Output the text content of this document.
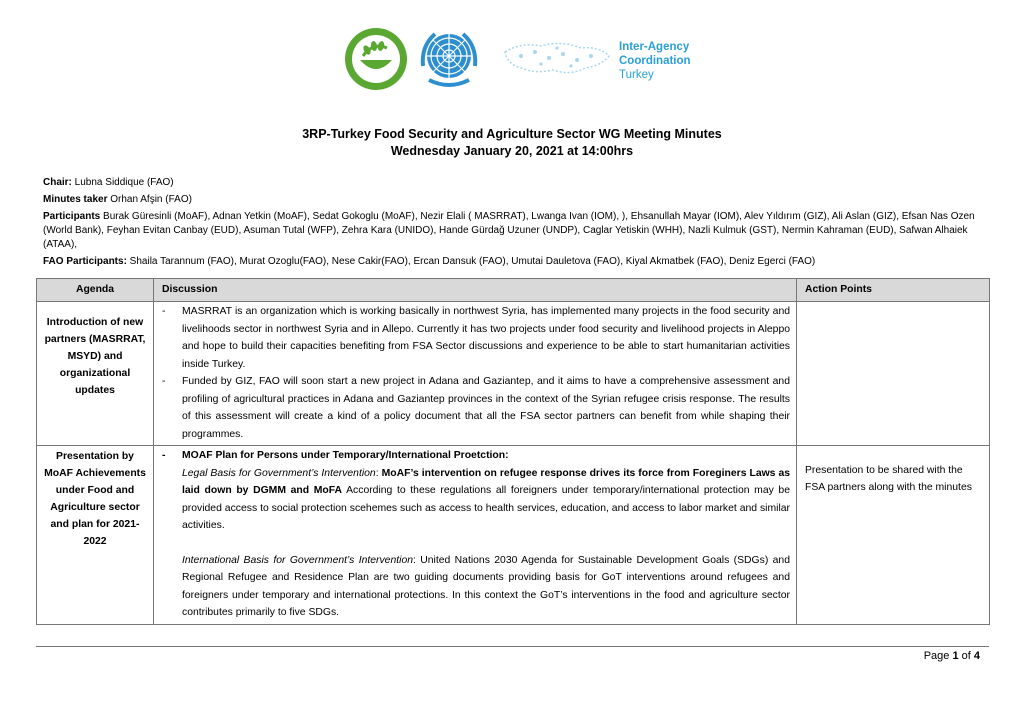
Inter-Agency
Coordination
Turkey
3RP-Turkey Food Security and Agriculture Sector WG Meeting Minutes
Wednesday January 20, 2021 at 14:00hrs

Chair: Lubna Siddique (FAO)

Minutes taker Orhan Afşin (FAO)

Participants Burak Güresinli (MoAF), Adnan Yetkin (MoAF), Sedat Gokoglu (MoAF), Nezir Elali ( MASRRAT), Lwanga Ivan (IOM), ), Ehsanullah Mayar (IOM), Alev Yıldırım (GIZ), Ali Aslan (GIZ), Efsan Nas Ozen (World Bank), Feyhan Evitan Canbay (EUD), Asuman Tutal (WFP), Zehra Kara (UNIDO), Hande Gürdağ Uzuner (UNDP), Caglar Yetiskin (WHH), Nazli Kulmuk (GST), Nermin Kahraman (EUD), Safwan Alhaiek (ATAA),

FAO Participants: Shaila Tarannum (FAO), Murat Ozoglu(FAO), Nese Cakir(FAO), Ercan Dansuk (FAO), Umutai Dauletova (FAO), Kiyal Akmatbek (FAO), Deniz Egerci (FAO)

Agenda	Discussion	Action Points
Introduction of new partners (MASRRAT, MSYD) and organizational updates	- MASRRAT is an organization which is working basically in northwest Syria, has implemented many projects in the food security and livelihoods sector in northwest Syria and in Allepo. Currently it has two projects under food security and livelihood projects in Aleppo and hope to build their capacities benefiting from FSA Sector discussions and experience to be able to start humanitarian activities inside Turkey.
- Funded by GIZ, FAO will soon start a new project in Adana and Gaziantep, and it aims to have a comprehensive assessment and profiling of agricultural practices in Adana and Gaziantep provinces in the context of the Syrian refugee crisis response. The results of this assessment will create a kind of a policy document that all the FSA sector partners can benefit from while shaping their programmes.

Presentation by MoAF Achievements under Food and Agriculture sector and plan for 2021-2022	- MOAF Plan for Persons under Temporary/International Proetction:
Legal Basis for Government’s Intervention: MoAF’s intervention on refugee response drives its force from Foreginers Laws as laid down by DGMM and MoFA According to these regulations all foreigners under temporary/international protection may be provided access to social protection scehemes such as access to health services, education, and access to labor market and similar activities.
International Basis for Government’s Intervention: United Nations 2030 Agenda for Sustainable Development Goals (SDGs) and Regional Refugee and Residence Plan are two guiding documents providing basis for GoT interventions around refugees and foreigners under temporary and international protections. In this context the GoT’s interventions in the food and agriculture sector contributes primarily to five SDGs.	Presentation to be shared with the FSA partners along with the minutes
Page 1 of 4
